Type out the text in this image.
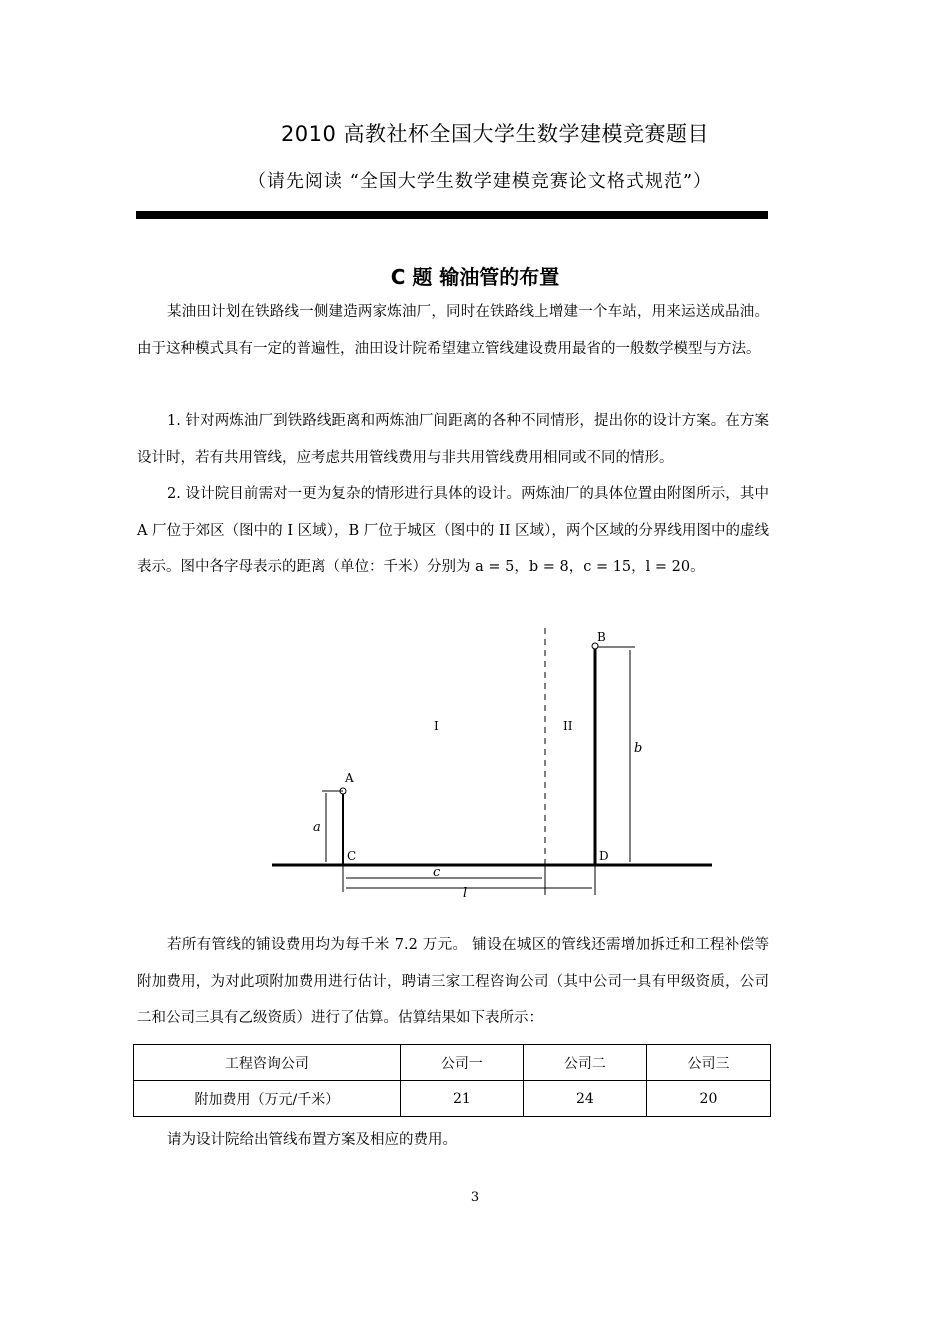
2010 高教社杯全国大学生数学建模竞赛题目
（请先阅读 “全国大学生数学建模竞赛论文格式规范”）
C 题 输油管的布置

某油田计划在铁路线一侧建造两家炼油厂，同时在铁路线上增建一个车站，用来运送成品油。由于这种模式具有一定的普遍性，油田设计院希望建立管线建设费用最省的一般数学模型与方法。

1. 针对两炼油厂到铁路线距离和两炼油厂间距离的各种不同情形，提出你的设计方案。在方案设计时，若有共用管线，应考虑共用管线费用与非共用管线费用相同或不同的情形。

2. 设计院目前需对一更为复杂的情形进行具体的设计。两炼油厂的具体位置由附图所示，其中 A 厂位于郊区（图中的 I 区域），B 厂位于城区（图中的 II 区域），两个区域的分界线用图中的虚线表示。图中各字母表示的距离（单位：千米）分别为 a = 5，b = 8，c = 15，l = 20。

A
B
C	D
a
b
c
l
I	II

若所有管线的铺设费用均为每千米 7.2 万元。 铺设在城区的管线还需增加拆迁和工程补偿等附加费用，为对此项附加费用进行估计，聘请三家工程咨询公司（其中公司一具有甲级资质，公司二和公司三具有乙级资质）进行了估算。估算结果如下表所示：

工程咨询公司	公司一	公司二	公司三
附加费用（万元/千米）	21	24	20

请为设计院给出管线布置方案及相应的费用。

3
